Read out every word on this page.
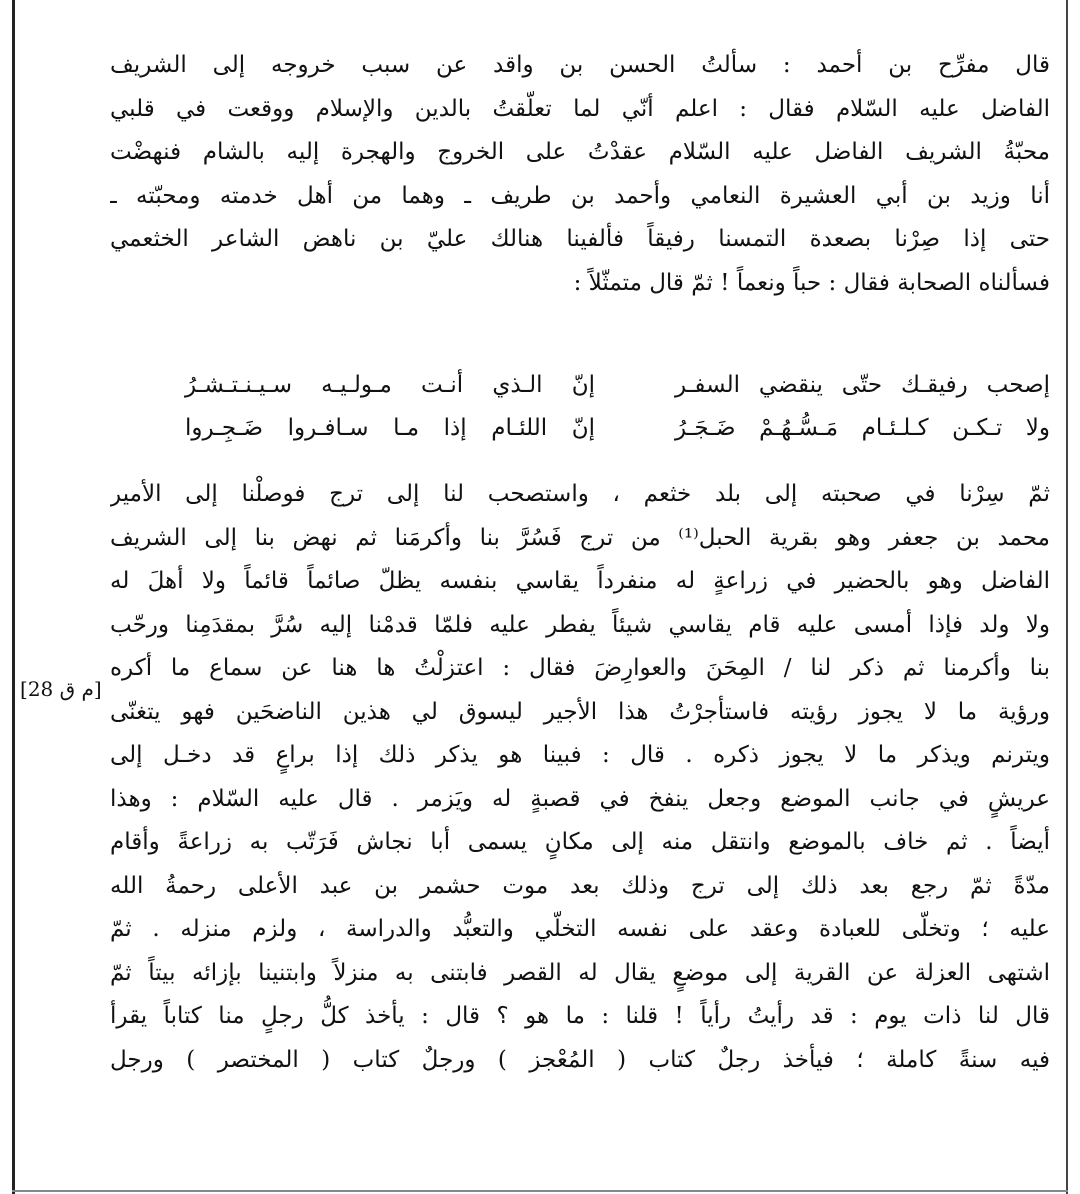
قال مفرِّح بن أحمد : سألتُ الحسن بن واقد عن سبب خروجه إلى الشريف
الفاضل عليه السّلام فقال : اعلم أنّي لما تعلّقتُ بالدين والإسلام ووقعت في قلبي
محبّةُ الشريف الفاضل عليه السّلام عقدْتُ على الخروج والهجرة إليه بالشام فنهضْت
أنا وزيد بن أبي العشيرة النعامي وأحمد بن طريف ـ وهما من أهل خدمته ومحبّته ـ
حتى إذا صِرْنا بصعدة التمسنا رفيقاً فألفينا هنالك عليّ بن ناهض الشاعر الخثعمي
فسألناه الصحابة فقال : حباً ونعماً ! ثمّ قال متمثّلاً :
إصحب رفيقـك حتّى ينقضي السفـر
إنّ الـذي أنـت مـولـيـه سـيـنـتـشـرُ
ولا تـكـن كـلـئـام مَـسُّـهُـمْ ضَـجَـرُ
إنّ اللئـام إذا مـا سـافـروا ضَـجِـروا
ثمّ سِرْنا في صحبته إلى بلد خثعم ، واستصحب لنا إلى ترج فوصلْنا إلى الأمير
محمد بن جعفر وهو بقرية الحبل⁽¹⁾ من ترج فَسُرَّ بنا وأكرمَنا ثم نهض بنا إلى الشريف
الفاضل وهو بالحضير في زراعةٍ له منفرداً يقاسي بنفسه يظلّ صائماً قائماً ولا أهلَ له
ولا ولد فإذا أمسى عليه قام يقاسي شيئاً يفطر عليه فلمّا قدمْنا إليه سُرَّ بمقدَمِنا ورحّب
بنا وأكرمنا ثم ذكر لنا / المِحَنَ والعوارِضَ فقال : اعتزلْتُ ها هنا عن سماع ما أكره
ورؤية ما لا يجوز رؤيته فاستأجرْتُ هذا الأجير ليسوق لي هذين الناضحَين فهو يتغنّى
ويترنم ويذكر ما لا يجوز ذكره . قال : فبينا هو يذكر ذلك إذا براعٍ قد دخـل إلى
عريشٍ في جانب الموضع وجعل ينفخ في قصبةٍ له ويَزمر . قال عليه السّلام : وهذا
أيضاً . ثم خاف بالموضع وانتقل منه إلى مكانٍ يسمى أبا نجاش فَرَتّب به زراعةً وأقام
مدّةً ثمّ رجع بعد ذلك إلى ترج وذلك بعد موت حشمر بن عبد الأعلى رحمةُ الله
عليه ؛ وتخلّى للعبادة وعقد على نفسه التخلّي والتعبُّد والدراسة ، ولزم منزله . ثمّ
اشتهى العزلة عن القرية إلى موضعٍ يقال له القصر فابتنى به منزلاً وابتنينا بإزائه بيتاً ثمّ
قال لنا ذات يوم : قد رأيتُ رأياً ! قلنا : ما هو ؟ قال : يأخذ كلُّ رجلٍ منا كتاباً يقرأ
فيه سنةً كاملة ؛ فيأخذ رجلٌ كتاب ( المُعْجز ) ورجلٌ كتاب ( المختصر ) ورجل
[م ق 28]
